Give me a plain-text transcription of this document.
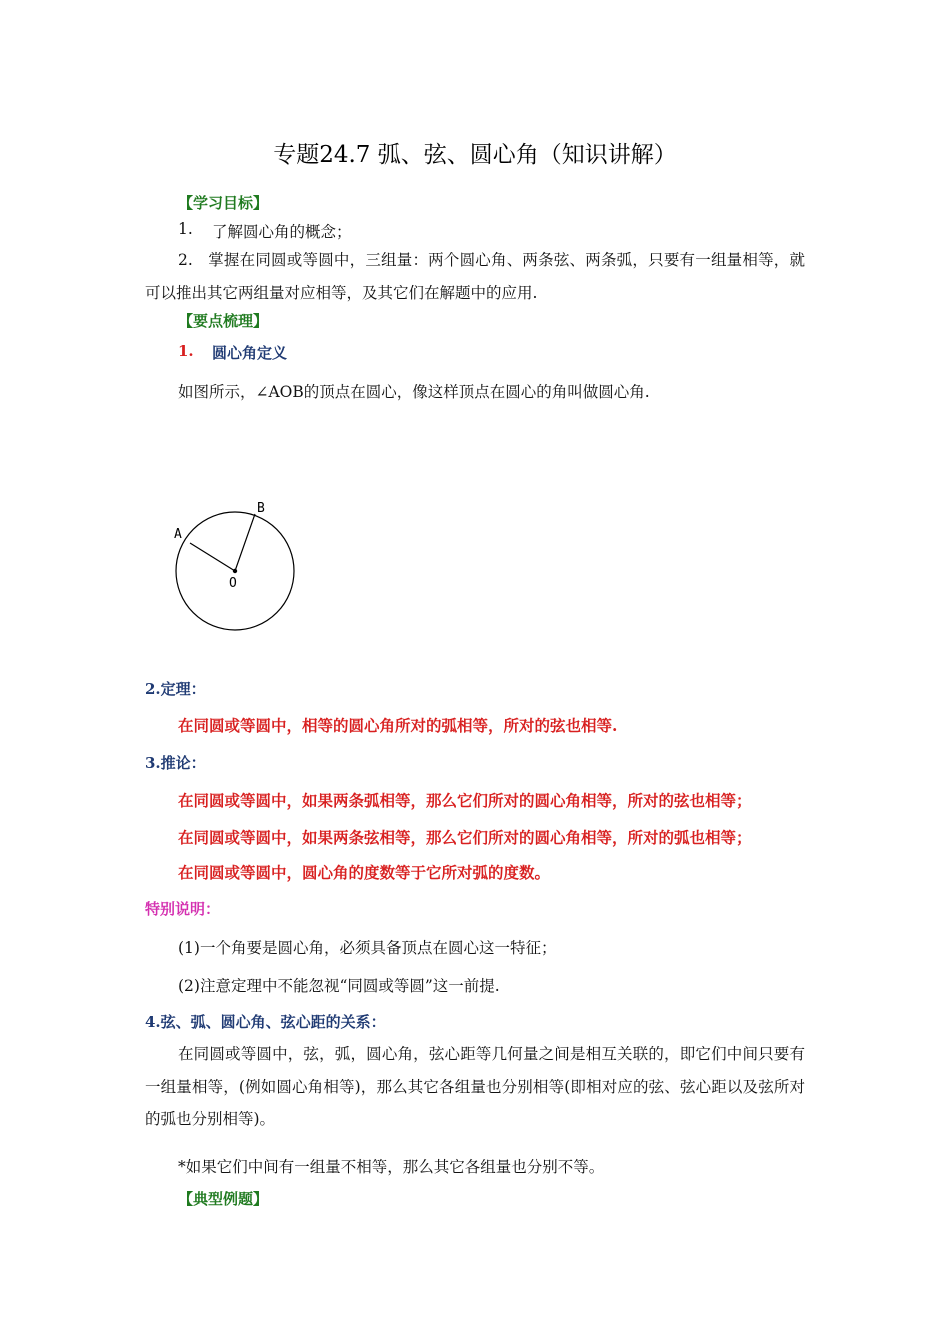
专题24.7 弧、弦、圆心角（知识讲解）
【学习目标】
1. 了解圆心角的概念；
2. 掌握在同圆或等圆中，三组量：两个圆心角、两条弦、两条弧，只要有一组量相等，就可以推出其它两组量对应相等，及其它们在解题中的应用.
【要点梳理】
1. 圆心角定义
如图所示，∠AOB的顶点在圆心，像这样顶点在圆心的角叫做圆心角.
A
B
O
2.定理：
在同圆或等圆中，相等的圆心角所对的弧相等，所对的弦也相等.
3.推论：
在同圆或等圆中，如果两条弧相等，那么它们所对的圆心角相等，所对的弦也相等；
在同圆或等圆中，如果两条弦相等，那么它们所对的圆心角相等，所对的弧也相等；
在同圆或等圆中，圆心角的度数等于它所对弧的度数。
特别说明：
(1)一个角要是圆心角，必须具备顶点在圆心这一特征；
(2)注意定理中不能忽视“同圆或等圆”这一前提.
4.弦、弧、圆心角、弦心距的关系：
在同圆或等圆中，弦，弧，圆心角，弦心距等几何量之间是相互关联的，即它们中间只要有一组量相等，(例如圆心角相等)，那么其它各组量也分别相等(即相对应的弦、弦心距以及弦所对的弧也分别相等)。
*如果它们中间有一组量不相等，那么其它各组量也分别不等。
【典型例题】
